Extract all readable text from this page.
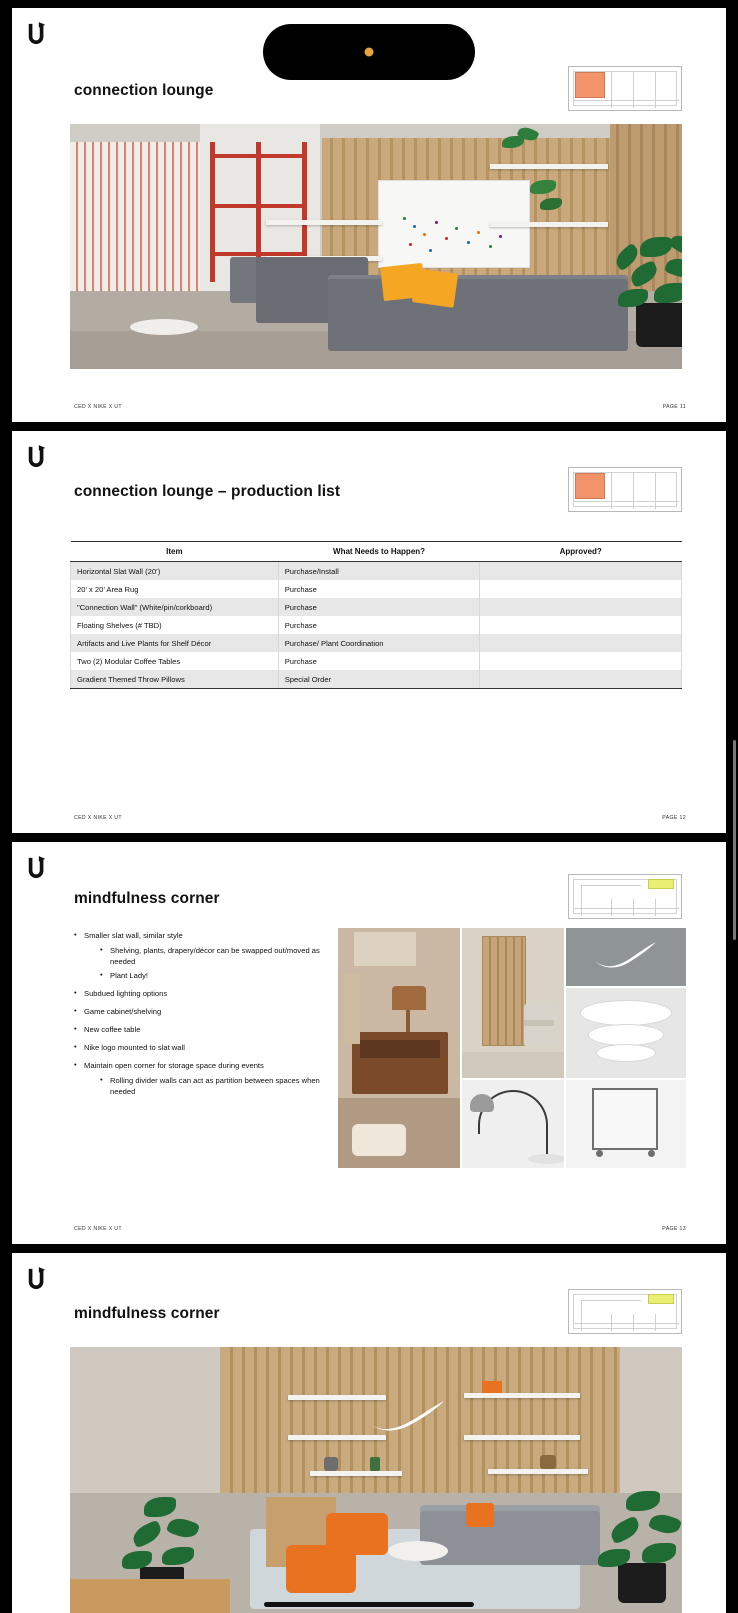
connection lounge
CED X NIKE X UT	PAGE 11
connection lounge – production list
Item	What Needs to Happen?	Approved?
Horizontal Slat Wall (20’)	Purchase/Install	
20’ x 20’ Area Rug	Purchase	
"Connection Wall" (White/pin/corkboard)	Purchase	
Floating Shelves (# TBD)	Purchase	
Artifacts and Live Plants for Shelf Décor	Purchase/ Plant Coordination	
Two (2) Modular Coffee Tables	Purchase	
Gradient Themed Throw Pillows	Special Order	
CED X NIKE X UT	PAGE 12
mindfulness corner
• Smaller slat wall, similar style
• Shelving, plants, drapery/décor can be swapped out/moved as needed
• Plant Lady!
• Subdued lighting options
• Game cabinet/shelving
• New coffee table
• Nike logo mounted to slat wall
• Maintain open corner for storage space during events
• Rolling divider walls can act as partition between spaces when needed
CED X NIKE X UT	PAGE 13
mindfulness corner
